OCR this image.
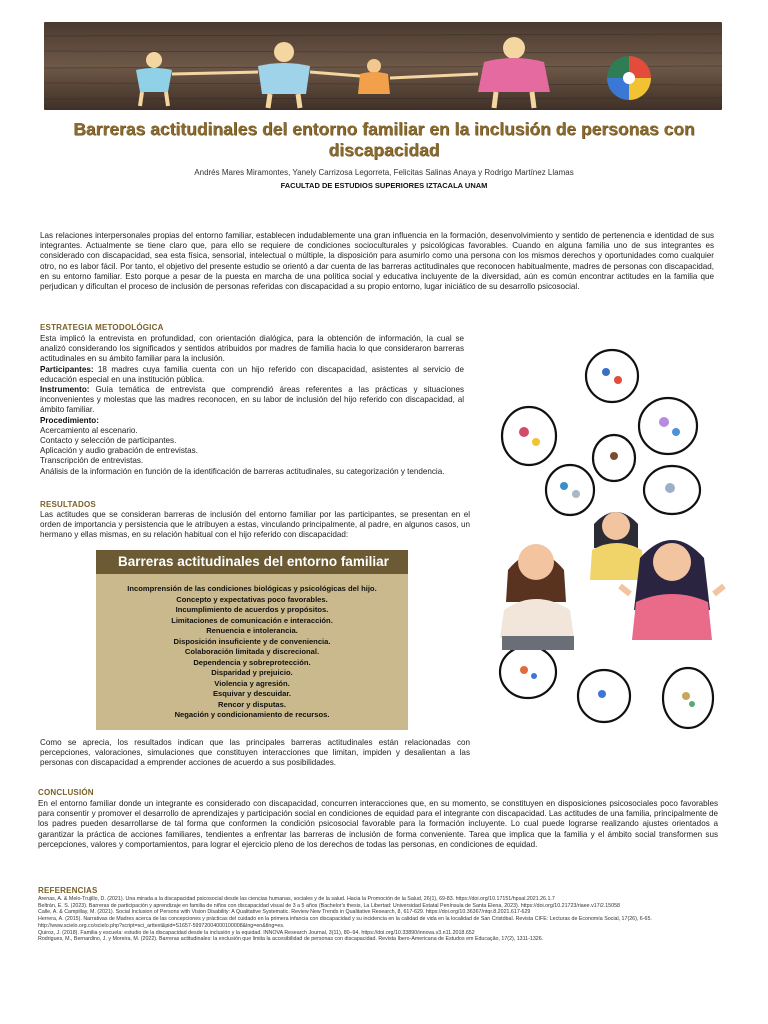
Barreras actitudinales del entorno familiar en la inclusión de personas con discapacidad
Andrés Mares Miramontes, Yanely Carrizosa Legorreta, Felicitas Salinas Anaya y Rodrigo Martínez Llamas
FACULTAD DE ESTUDIOS SUPERIORES IZTACALA UNAM
Las relaciones interpersonales propias del entorno familiar, establecen indudablemente una gran influencia en la formación, desenvolvimiento y sentido de pertenencia e identidad de sus integrantes. Actualmente se tiene claro que, para ello se requiere de condiciones socioculturales y psicológicas favorables. Cuando en alguna familia uno de sus integrantes es considerado con discapacidad, sea esta física, sensorial, intelectual o múltiple, la disposición para asumirlo como una persona con los mismos derechos y oportunidades como cualquier otro, no es labor fácil. Por tanto, el objetivo del presente estudio se orientó a dar cuenta de las barreras actitudinales que reconocen habitualmente, madres de personas con discapacidad, en su entorno familiar. Esto porque a pesar de la puesta en marcha de una política social y educativa incluyente de la diversidad, aún es común encontrar actitudes en la familia que perjudican y dificultan el proceso de inclusión de personas referidas con discapacidad a su propio entorno, lugar iniciático de su desarrollo psicosocial.
ESTRATEGIA METODOLÓGICA
Esta implicó la entrevista en profundidad, con orientación dialógica, para la obtención de información, la cual se analizó considerando los significados y sentidos atribuidos por madres de familia hacia lo que consideraron barreras actitudinales en su ámbito familiar para la inclusión.
Participantes: 18 madres cuya familia cuenta con un hijo referido con discapacidad, asistentes al servicio de educación especial en una institución pública.
Instrumento: Guía temática de entrevista que comprendió áreas referentes a las prácticas y situaciones inconvenientes y molestas que las madres reconocen, en su labor de inclusión del hijo referido con discapacidad, al ámbito familiar.
Procedimiento:
Acercamiento al escenario.
Contacto y selección de participantes.
Aplicación y audio grabación de entrevistas.
Transcripción de entrevistas.
Análisis de la información en función de la identificación de barreras actitudinales, su categorización y tendencia.
RESULTADOS
Las actitudes que se consideran barreras de inclusión del entorno familiar por las participantes, se presentan en el orden de importancia y persistencia que le atribuyen a estas, vinculando principalmente, al padre, en algunos casos, un hermano y ellas mismas, en su relación habitual con el hijo referido con discapacidad:
Barreras actitudinales del entorno familiar
Incomprensión de las condiciones biológicas y psicológicas del hijo.
Concepto y expectativas poco favorables.
Incumplimiento de acuerdos y propósitos.
Limitaciones de comunicación e interacción.
Renuencia e intolerancia.
Disposición insuficiente y de conveniencia.
Colaboración limitada y discrecional.
Dependencia y sobreprotección.
Disparidad y prejuicio.
Violencia y agresión.
Esquivar y descuidar.
Rencor y disputas.
Negación y condicionamiento de recursos.
Como se aprecia, los resultados indican que las principales barreras actitudinales están relacionadas con percepciones, valoraciones, simulaciones que constituyen interacciones que limitan, impiden y desalientan a las personas con discapacidad a emprender acciones de acuerdo a sus posibilidades.
CONCLUSIÓN
En el entorno familiar donde un integrante es considerado con discapacidad, concurren interacciones que, en su momento, se constituyen en disposiciones psicosociales poco favorables para consentir y promover el desarrollo de aprendizajes y participación social en condiciones de equidad para el integrante con discapacidad. Las actitudes de una familia, principalmente de los padres pueden desarrollarse de tal forma que conformen la condición psicosocial favorable para la formación incluyente. Lo cual puede lograrse realizando ajustes orientados a garantizar la práctica de acciones familiares, tendientes a enfrentar las barreras de inclusión de forma conveniente. Tarea que implica que la familia y el ámbito social transformen sus percepciones, valores y comportamientos, para lograr el ejercicio pleno de los derechos de todas las personas, en condiciones de equidad.
REFERENCIAS
Arenas, A. & Melo-Trujillo, D. (2021). Una mirada a la discapacidad psicosocial desde las ciencias humanas, sociales y de la salud. Hacia la Promoción de la Salud, 26(1), 69-83. https://doi.org/10.17151/hpsal.2021.26.1.7
Beltrán, E. S. (2023). Barreras de participación y aprendizaje en familia de niños con discapacidad visual de 3 a 5 años (Bachelor's thesis, La Libertad: Universidad Estatal Península de Santa Elena, 2023). https://doi.org/10.21723/riaee.v17i2.15058
Calle, A. & Campillay, M. (2021). Social Inclusion of Persons with Vision Disability: A Qualitative Systematic. Review New Trends in Qualitative Research, 8, 617-629. https://doi.org/10.36367/ntqr.8.2021.617-629
Herrera, A. (2015). Narrativas de Madres acerca de las concepciones y prácticas del cuidado en la primera infancia con discapacidad y su incidencia en la calidad de vida en la localidad de San Cristóbal. Revista CIFE: Lecturas de Economía Social, 17(26), 6-65. http://www.scielo.org.co/scielo.php?script=sci_arttext&pid=S1657-59972004000100008&lng=en&tlng=es.
Quiroz, J. (2018). Familia y escuela: estudio de la discapacidad desde la inclusión y la equidad. INNOVA Research Journal, 3(11), 80–94. https://doi.org/10.33890/innova.v3.n11.2018.652
Rodrigues, M., Bernardino, J. y Moreira, M. (2022). Barreras actitudinales: la exclusión que limita la accesibilidad de personas con discapacidad. Revista Ibero-Americana de Estudos em Educação, 17(2), 1311-1326.
